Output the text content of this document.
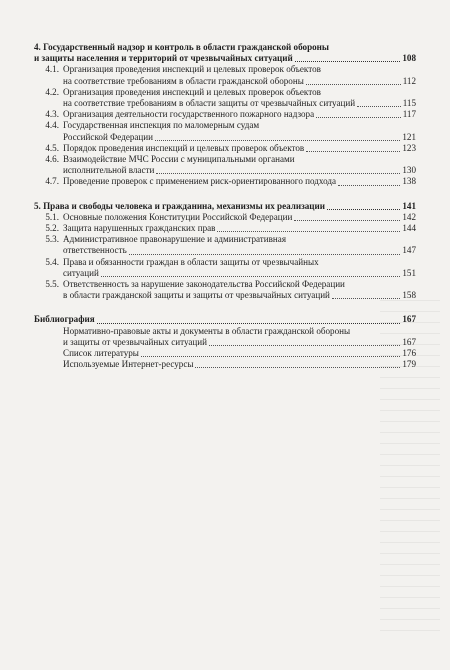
4. Государственный надзор и контроль в области гражданской обороны
и защиты населения и территорий от чрезвычайных ситуаций	108
4.1. Организация проведения инспекций и целевых проверок объектов
на соответствие требованиям в области гражданской обороны	112
4.2. Организация проведения инспекций и целевых проверок объектов
на соответствие требованиям в области защиты от чрезвычайных ситуаций	115
4.3. Организация деятельности государственного пожарного надзора	117
4.4. Государственная инспекция по маломерным судам
Российской Федерации	121
4.5. Порядок проведения инспекций и целевых проверок объектов	123
4.6. Взаимодействие МЧС России с муниципальными органами
исполнительной власти	130
4.7. Проведение проверок с применением риск-ориентированного подхода	138
5. Права и свободы человека и гражданина, механизмы их реализации	141
5.1. Основные положения Конституции Российской Федерации	142
5.2. Защита нарушенных гражданских прав	144
5.3. Административное правонарушение и административная
ответственность	147
5.4. Права и обязанности граждан в области защиты от чрезвычайных
ситуаций	151
5.5. Ответственность за нарушение законодательства Российской Федерации
в области гражданской защиты и защиты от чрезвычайных ситуаций	158
Библиография	167
Нормативно-правовые акты и документы в области гражданской обороны
и защиты от чрезвычайных ситуаций	167
Список литературы	176
Используемые Интернет-ресурсы	179
